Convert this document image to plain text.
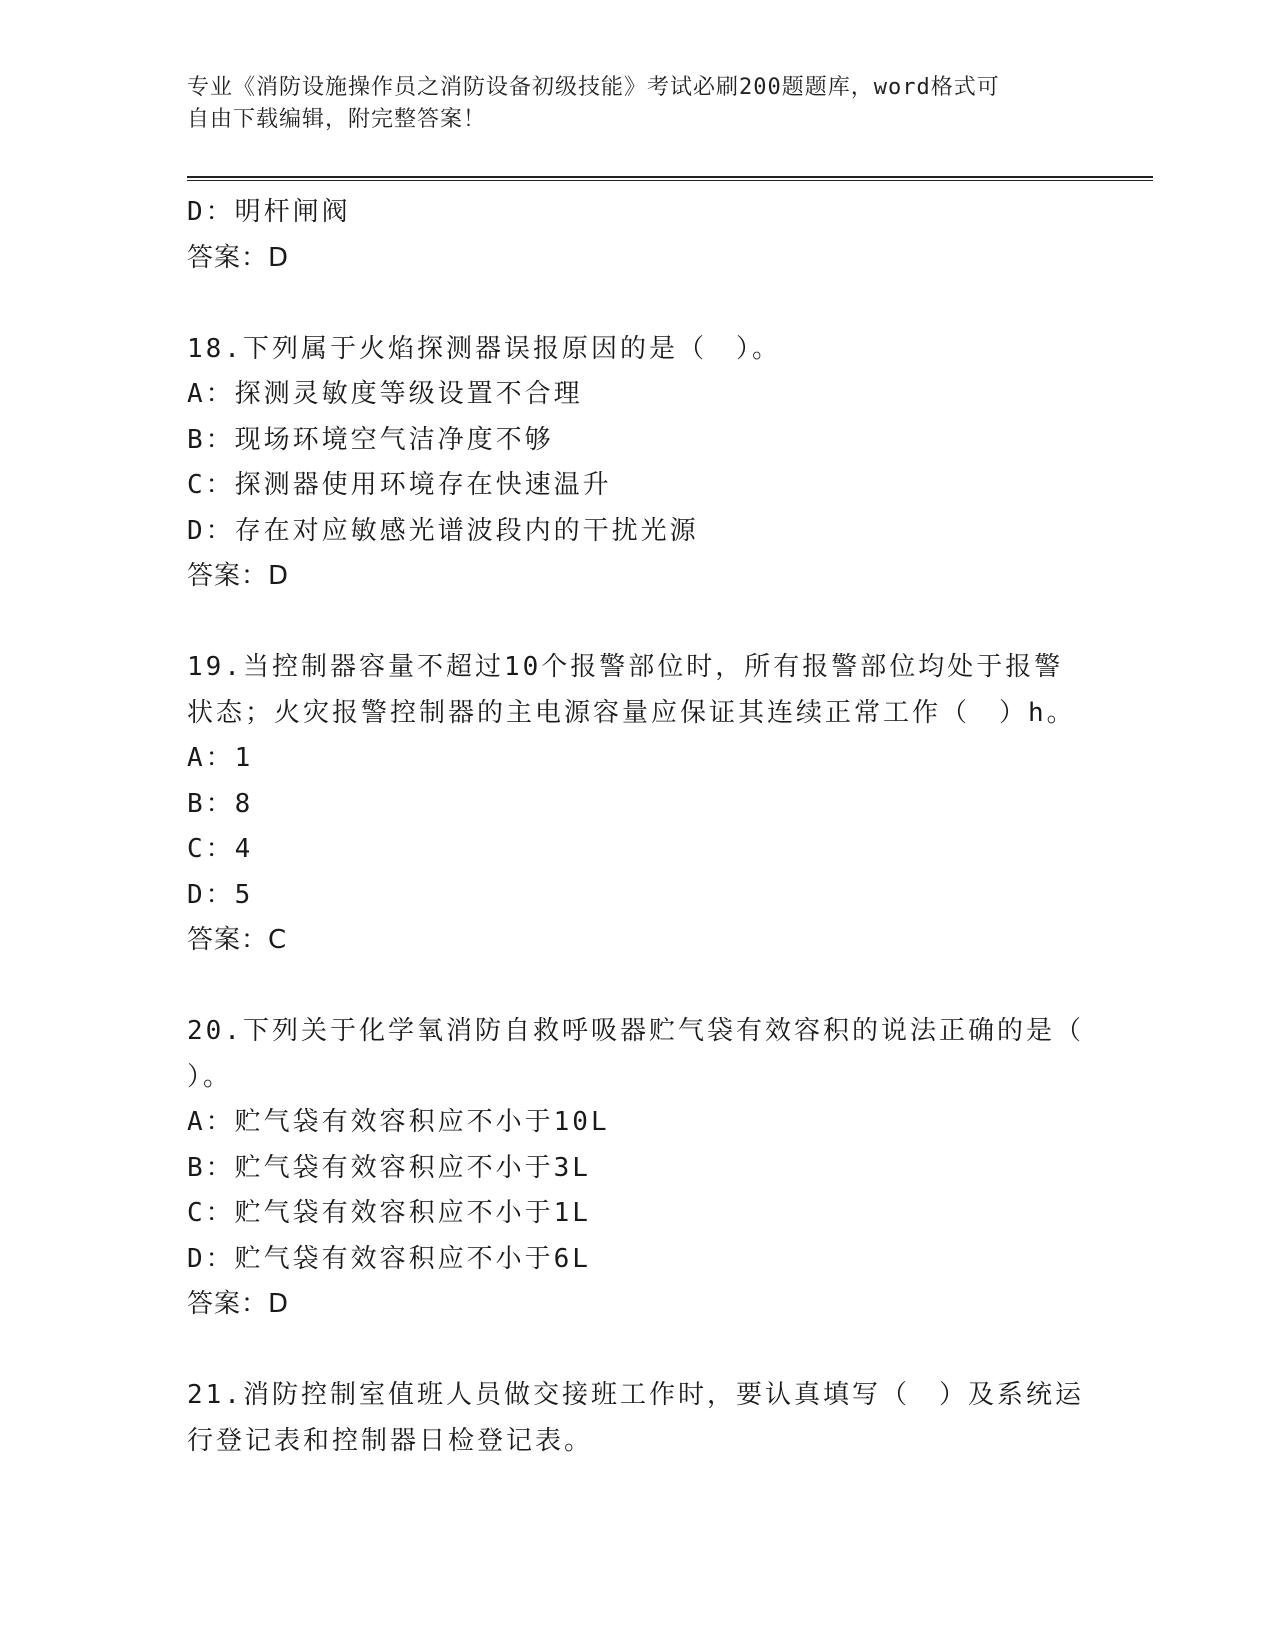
专业《消防设施操作员之消防设备初级技能》考试必刷200题题库，word格式可
自由下载编辑，附完整答案！
D：明杆闸阀
答案：D
18.下列属于火焰探测器误报原因的是（　）。
A：探测灵敏度等级设置不合理
B：现场环境空气洁净度不够
C：探测器使用环境存在快速温升
D：存在对应敏感光谱波段内的干扰光源
答案：D
19.当控制器容量不超过10个报警部位时，所有报警部位均处于报警
状态；火灾报警控制器的主电源容量应保证其连续正常工作（　）h。
A：1
B：8
C：4
D：5
答案：C
20.下列关于化学氧消防自救呼吸器贮气袋有效容积的说法正确的是（
）。
A：贮气袋有效容积应不小于10L
B：贮气袋有效容积应不小于3L
C：贮气袋有效容积应不小于1L
D：贮气袋有效容积应不小于6L
答案：D
21.消防控制室值班人员做交接班工作时，要认真填写（　）及系统运
行登记表和控制器日检登记表。
